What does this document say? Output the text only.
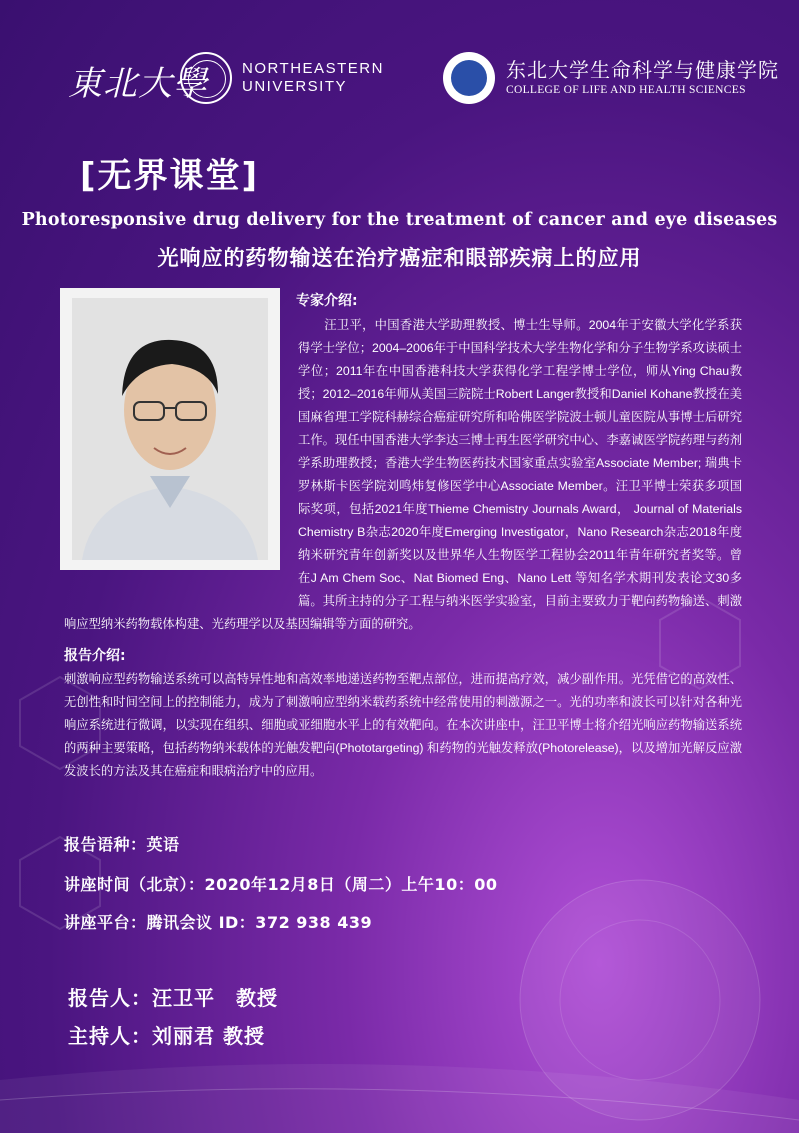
東北大學 NORTHEASTERN
UNIVERSITY
东北大学生命科学与健康学院
COLLEGE OF LIFE AND HEALTH SCIENCES
[无界课堂]
Photoresponsive drug delivery for the treatment of cancer and eye diseases
光响应的药物输送在治疗癌症和眼部疾病上的应用
专家介绍:
汪卫平，中国香港大学助理教授、博士生导师。2004年于安徽大学化学系获得学士学位；2004–2006年于中国科学技术大学生物化学和分子生物学系攻读硕士学位；2011年在中国香港科技大学获得化学工程学博士学位，师从Ying Chau教授；2012–2016年师从美国三院院士Robert Langer教授和Daniel Kohane教授在美国麻省理工学院科赫综合癌症研究所和哈佛医学院波士顿儿童医院从事博士后研究工作。现任中国香港大学李达三博士再生医学研究中心、李嘉诚医学院药理与药剂学系助理教授；香港大学生物医药技术国家重点实验室Associate Member; 瑞典卡罗林斯卡医学院刘鸣炜复修医学中心Associate Member。汪卫平博士荣获多项国际奖项，包括2021年度Thieme Chemistry Journals Award， Journal of Materials Chemistry B杂志2020年度Emerging Investigator，Nano Research杂志2018年度纳米研究青年创新奖以及世界华人生物医学工程协会2011年青年研究者奖等。曾在J Am Chem Soc、Nat Biomed Eng、Nano Lett 等知名学术期刊发表论文30多篇。其所主持的分子工程与纳米医学实验室，目前主要致力于靶向药物输送、刺激响应型纳米药物载体构建、光药理学以及基因编辑等方面的研究。
报告介绍:
刺激响应型药物输送系统可以高特异性地和高效率地递送药物至靶点部位，进而提高疗效，减少副作用。光凭借它的高效性、无创性和时间空间上的控制能力，成为了刺激响应型纳米载药系统中经常使用的刺激源之一。光的功率和波长可以针对各种光响应系统进行微调，以实现在组织、细胞或亚细胞水平上的有效靶向。在本次讲座中，汪卫平博士将介绍光响应药物输送系统的两种主要策略，包括药物纳米载体的光触发靶向(Phototargeting) 和药物的光触发释放(Photorelease)，以及增加光解反应激发波长的方法及其在癌症和眼病治疗中的应用。
报告语种：英语
讲座时间（北京）：2020年12月8日（周二）上午10：00
讲座平台：腾讯会议 ID：372 938 439
报告人：汪卫平　教授
主持人：刘丽君 教授
